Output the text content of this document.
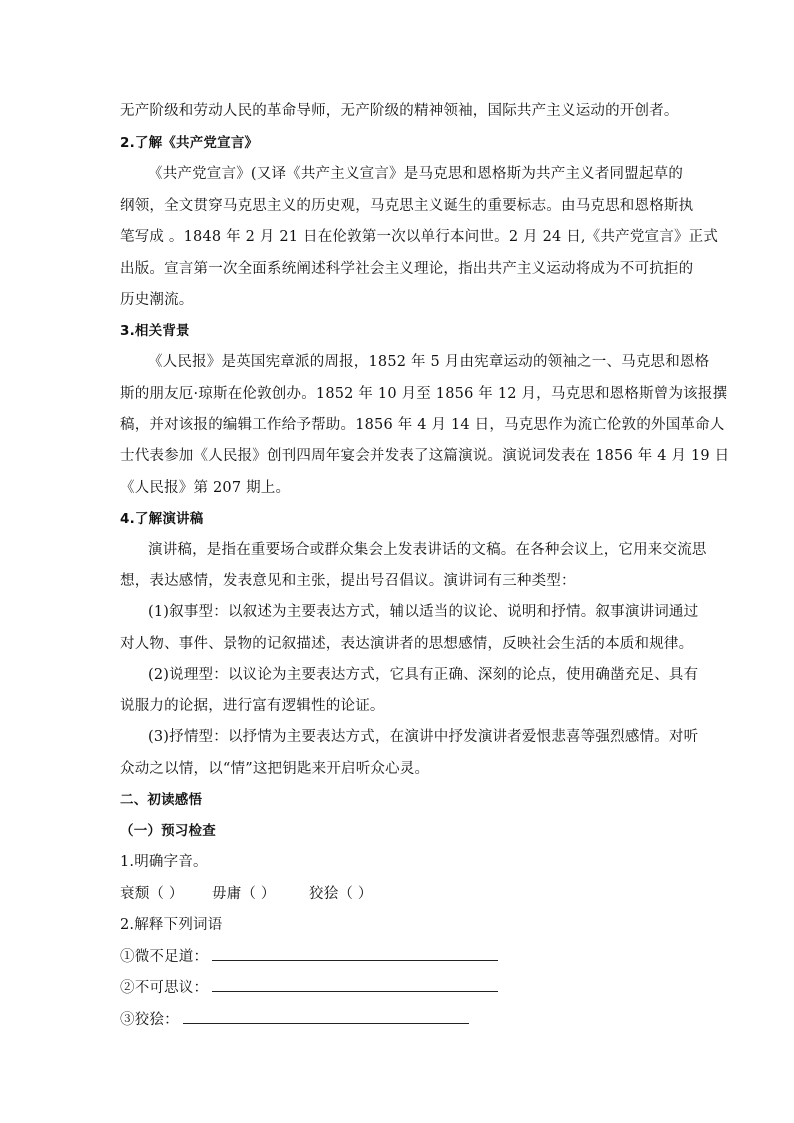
无产阶级和劳动人民的革命导师，无产阶级的精神领袖，国际共产主义运动的开创者。
2.了解《共产党宣言》
《共产党宣言》(又译《共产主义宣言》是马克思和恩格斯为共产主义者同盟起草的
纲领，全文贯穿马克思主义的历史观，马克思主义诞生的重要标志。由马克思和恩格斯执
笔写成 。1848 年 2 月 21 日在伦敦第一次以单行本问世。2 月 24 日,《共产党宣言》正式
出版。宣言第一次全面系统阐述科学社会主义理论，指出共产主义运动将成为不可抗拒的
历史潮流。
3.相关背景
《人民报》是英国宪章派的周报，1852 年 5 月由宪章运动的领袖之一、马克思和恩格
斯的朋友厄·琼斯在伦敦创办。1852 年 10 月至 1856 年 12 月，马克思和恩格斯曾为该报撰
稿，并对该报的编辑工作给予帮助。1856 年 4 月 14 日，马克思作为流亡伦敦的外国革命人
士代表参加《人民报》创刊四周年宴会并发表了这篇演说。演说词发表在 1856 年 4 月 19 日
《人民报》第 207 期上。
4.了解演讲稿
演讲稿，是指在重要场合或群众集会上发表讲话的文稿。在各种会议上，它用来交流思
想，表达感情，发表意见和主张，提出号召倡议。演讲词有三种类型：
(1)叙事型：以叙述为主要表达方式，辅以适当的议论、说明和抒情。叙事演讲词通过
对人物、事件、景物的记叙描述，表达演讲者的思想感情，反映社会生活的本质和规律。
(2)说理型：以议论为主要表达方式，它具有正确、深刻的论点，使用确凿充足、具有
说服力的论据，进行富有逻辑性的论证。
(3)抒情型：以抒情为主要表达方式，在演讲中抒发演讲者爱恨悲喜等强烈感情。对听
众动之以情，以“情”这把钥匙来开启听众心灵。
二、初读感悟
（一）预习检查
1.明确字音。
衰颓（ ） 毋庸（ ） 狡狯（ ）
2.解释下列词语
①微不足道：
②不可思议：
③狡狯：
